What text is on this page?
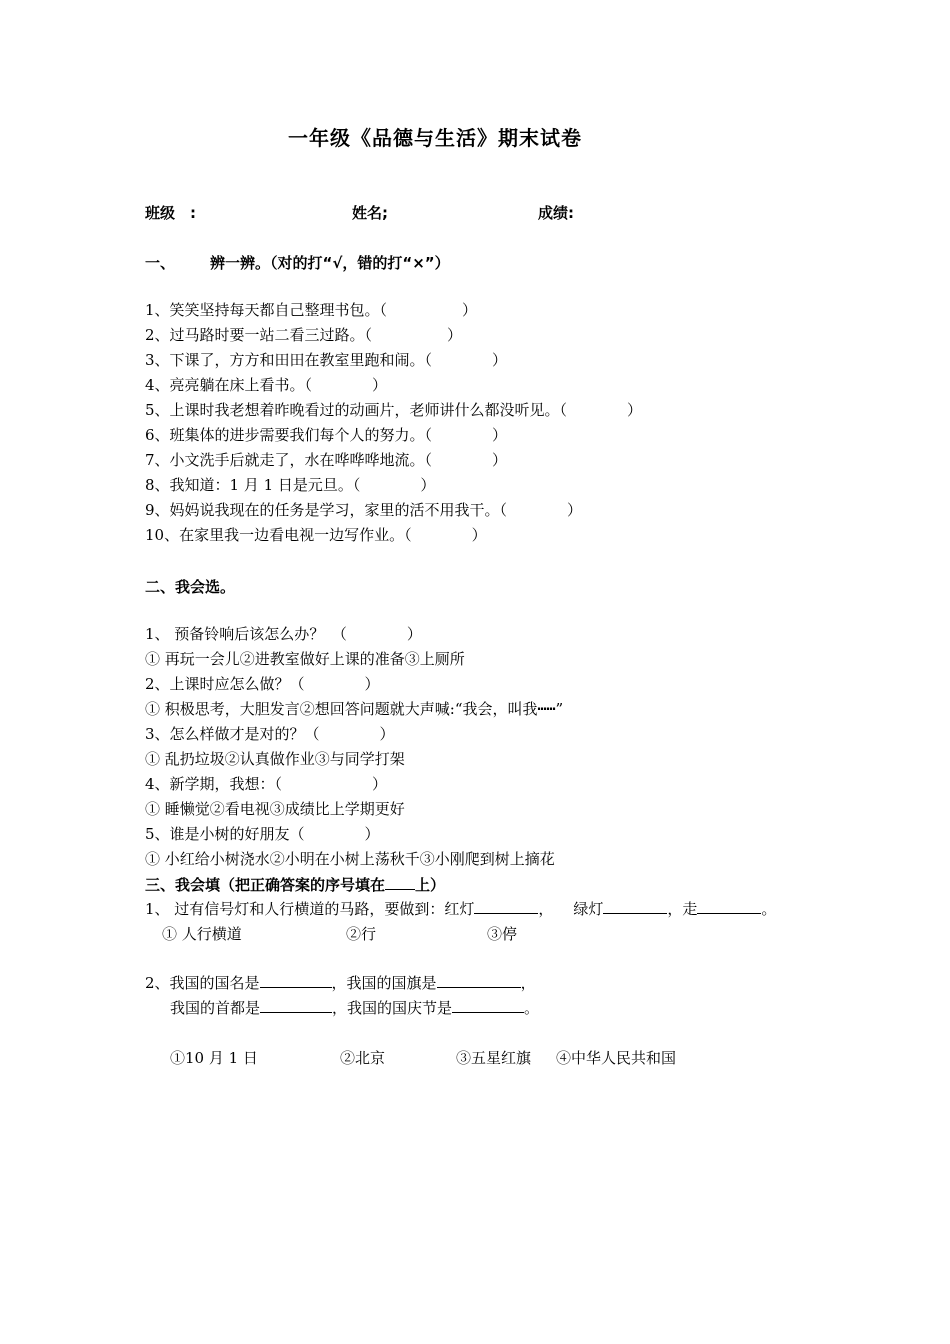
一年级《品德与生活》期末试卷
班级　:	姓名;	成绩:
一、 辨一辨。（对的打“√，错的打“×”）
1、笑笑坚持每天都自己整理书包。（　　　　　）
2、过马路时要一站二看三过路。（　　　　　）
3、下课了，方方和田田在教室里跑和闹。（　　　　）
4、亮亮躺在床上看书。（　　　　）
5、上课时我老想着昨晚看过的动画片，老师讲什么都没听见。（　　　　）
6、班集体的进步需要我们每个人的努力。（　　　　）
7、小文洗手后就走了，水在哗哗哗地流。（　　　　）
8、我知道：1 月 1 日是元旦。（　　　　）
9、妈妈说我现在的任务是学习，家里的活不用我干。（　　　　）
10、在家里我一边看电视一边写作业。（　　　　）
二、我会选。
1、 预备铃响后该怎么办？　（　　　　）
① 再玩一会儿②进教室做好上课的准备③上厕所
2、上课时应怎么做？（　　　　）
① 积极思考，大胆发言②想回答问题就大声喊:“我会，叫我┅┅”
3、怎么样做才是对的？（　　　　）
① 乱扔垃圾②认真做作业③与同学打架
4、新学期，我想：（　　　　　　）
① 睡懒觉②看电视③成绩比上学期更好
5、谁是小树的好朋友（　　　　）
① 小红给小树浇水②小明在小树上荡秋千③小刚爬到树上摘花
三、我会填（把正确答案的序号填在 上）
1、 过有信号灯和人行横道的马路，要做到：红灯	， 绿灯	，走	。
① 人行横道	②行	③停
2、我国的国名是	，我国的国旗是	，
我国的首都是	，我国的国庆节是	。
①10 月 1 日	②北京	③五星红旗 ④中华人民共和国
